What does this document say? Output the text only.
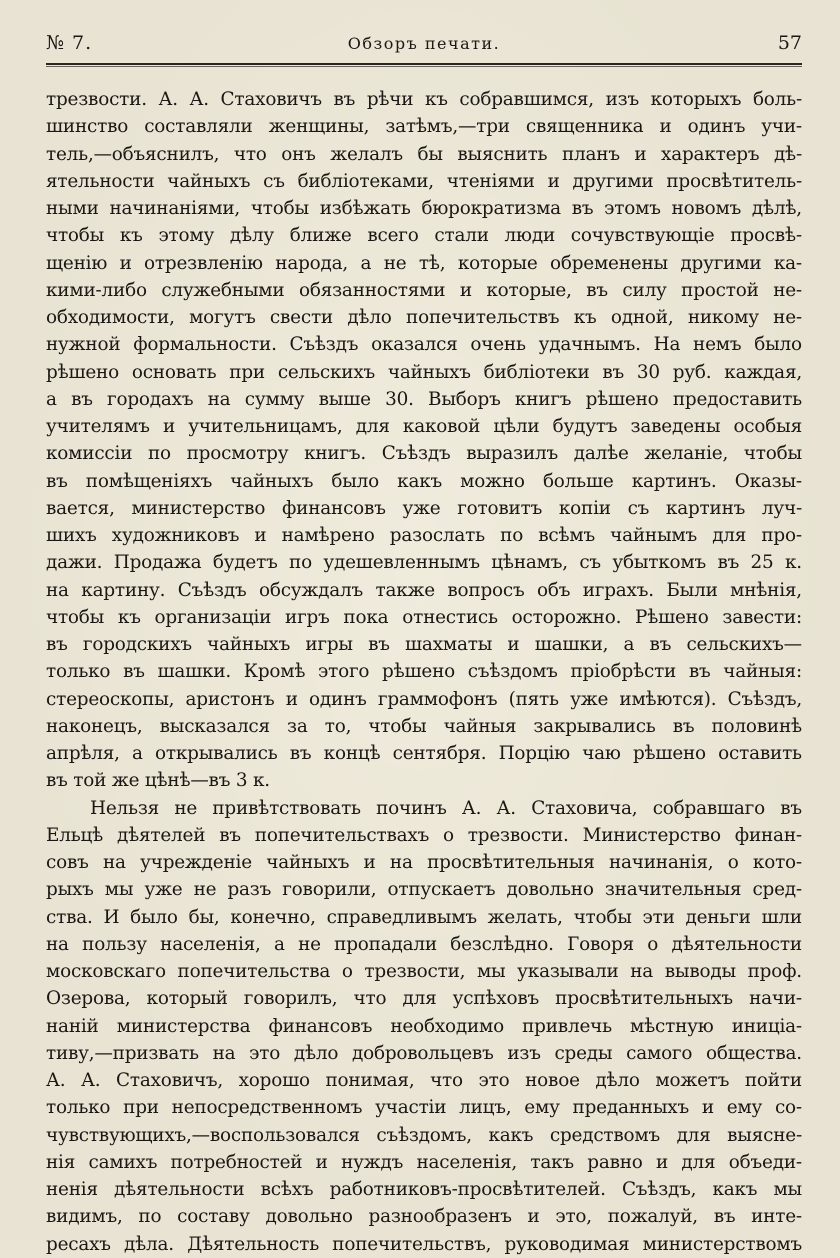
№ 7.	Обзоръ печати.	57
трезвости. А. А. Стаховичъ въ рѣчи къ собравшимся, изъ которыхъ боль-
шинство составляли женщины, затѣмъ,—три священника и одинъ учи-
тель,—объяснилъ, что онъ желалъ бы выяснить планъ и характеръ дѣ-
ятельности чайныхъ съ библіотеками, чтеніями и другими просвѣтитель-
ными начинаніями, чтобы избѣжать бюрократизма въ этомъ новомъ дѣлѣ,
чтобы къ этому дѣлу ближе всего стали люди сочувствующіе просвѣ-
щенію и отрезвленію народа, а не тѣ, которые обременены другими ка-
кими-либо служебными обязанностями и которые, въ силу простой не-
обходимости, могутъ свести дѣло попечительствъ къ одной, никому не-
нужной формальности. Съѣздъ оказался очень удачнымъ. На немъ было
рѣшено основать при сельскихъ чайныхъ библіотеки въ 30 руб. каждая,
а въ городахъ на сумму выше 30. Выборъ книгъ рѣшено предоставить
учителямъ и учительницамъ, для каковой цѣли будутъ заведены особыя
комиссіи по просмотру книгъ. Съѣздъ выразилъ далѣе желаніе, чтобы
въ помѣщеніяхъ чайныхъ было какъ можно больше картинъ. Оказы-
вается, министерство финансовъ уже готовитъ копіи съ картинъ луч-
шихъ художниковъ и намѣрено разослать по всѣмъ чайнымъ для про-
дажи. Продажа будетъ по удешевленнымъ цѣнамъ, съ убыткомъ въ 25 к.
на картину. Съѣздъ обсуждалъ также вопросъ объ играхъ. Были мнѣнія,
чтобы къ организаціи игръ пока отнестись осторожно. Рѣшено завести:
въ городскихъ чайныхъ игры въ шахматы и шашки, а въ сельскихъ—
только въ шашки. Кромѣ этого рѣшено съѣздомъ пріобрѣсти въ чайныя:
стереоскопы, аристонъ и одинъ граммофонъ (пять уже имѣются). Съѣздъ,
наконецъ, высказался за то, чтобы чайныя закрывались въ половинѣ
апрѣля, а открывались въ концѣ сентября. Порцію чаю рѣшено оставить
въ той же цѣнѣ—въ 3 к.
Нельзя не привѣтствовать починъ А. А. Стаховича, собравшаго въ
Ельцѣ дѣятелей въ попечительствахъ о трезвости. Министерство финан-
совъ на учрежденіе чайныхъ и на просвѣтительныя начинанія, о кото-
рыхъ мы уже не разъ говорили, отпускаетъ довольно значительныя сред-
ства. И было бы, конечно, справедливымъ желать, чтобы эти деньги шли
на пользу населенія, а не пропадали безслѣдно. Говоря о дѣятельности
московскаго попечительства о трезвости, мы указывали на выводы проф.
Озерова, который говорилъ, что для успѣховъ просвѣтительныхъ начи-
наній министерства финансовъ необходимо привлечь мѣстную иниціа-
тиву,—призвать на это дѣло добровольцевъ изъ среды самого общества.
А. А. Стаховичъ, хорошо понимая, что это новое дѣло можетъ пойти
только при непосредственномъ участіи лицъ, ему преданныхъ и ему со-
чувствующихъ,—воспользовался съѣздомъ, какъ средствомъ для выясне-
нія самихъ потребностей и нуждъ населенія, такъ равно и для объеди-
ненія дѣятельности всѣхъ работниковъ-просвѣтителей. Съѣздъ, какъ мы
видимъ, по составу довольно разнообразенъ и это, пожалуй, въ инте-
ресахъ дѣла. Дѣятельность попечительствъ, руководимая министерствомъ
